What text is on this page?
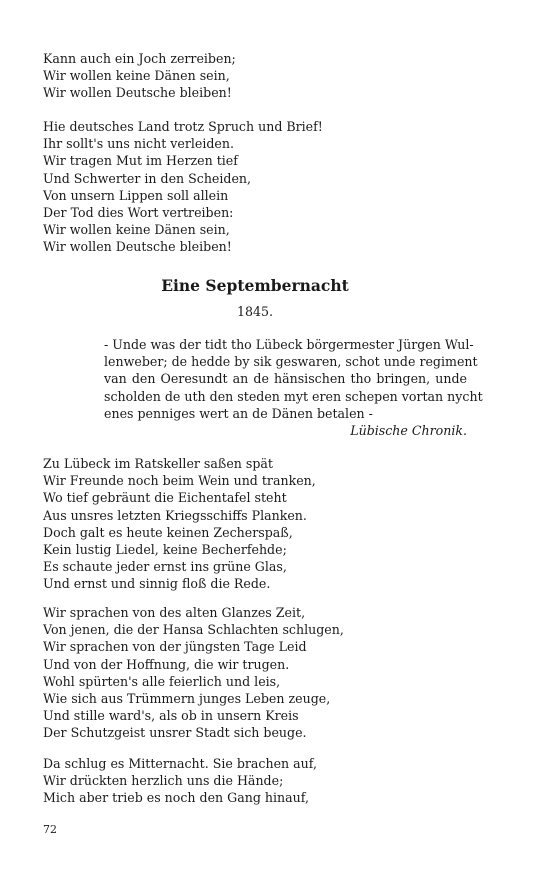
Kann auch ein Joch zerreiben;
Wir wollen keine Dänen sein,
Wir wollen Deutsche bleiben!
Hie deutsches Land trotz Spruch und Brief!
Ihr sollt's uns nicht verleiden.
Wir tragen Mut im Herzen tief
Und Schwerter in den Scheiden,
Von unsern Lippen soll allein
Der Tod dies Wort vertreiben:
Wir wollen keine Dänen sein,
Wir wollen Deutsche bleiben!
Eine Septembernacht
1845.
- Unde was der tidt tho Lübeck börgermester Jürgen Wul-
lenweber; de hedde by sik geswaren, schot unde regiment
van den Oeresundt an de hänsischen tho bringen, unde
scholden de uth den steden myt eren schepen vortan nycht
enes penniges wert an de Dänen betalen -
Lübische Chronik.
Zu Lübeck im Ratskeller saßen spät
Wir Freunde noch beim Wein und tranken,
Wo tief gebräunt die Eichentafel steht
Aus unsres letzten Kriegsschiffs Planken.
Doch galt es heute keinen Zecherspaß,
Kein lustig Liedel, keine Becherfehde;
Es schaute jeder ernst ins grüne Glas,
Und ernst und sinnig floß die Rede.
Wir sprachen von des alten Glanzes Zeit,
Von jenen, die der Hansa Schlachten schlugen,
Wir sprachen von der jüngsten Tage Leid
Und von der Hoffnung, die wir trugen.
Wohl spürten's alle feierlich und leis,
Wie sich aus Trümmern junges Leben zeuge,
Und stille ward's, als ob in unsern Kreis
Der Schutzgeist unsrer Stadt sich beuge.
Da schlug es Mitternacht. Sie brachen auf,
Wir drückten herzlich uns die Hände;
Mich aber trieb es noch den Gang hinauf,
72
